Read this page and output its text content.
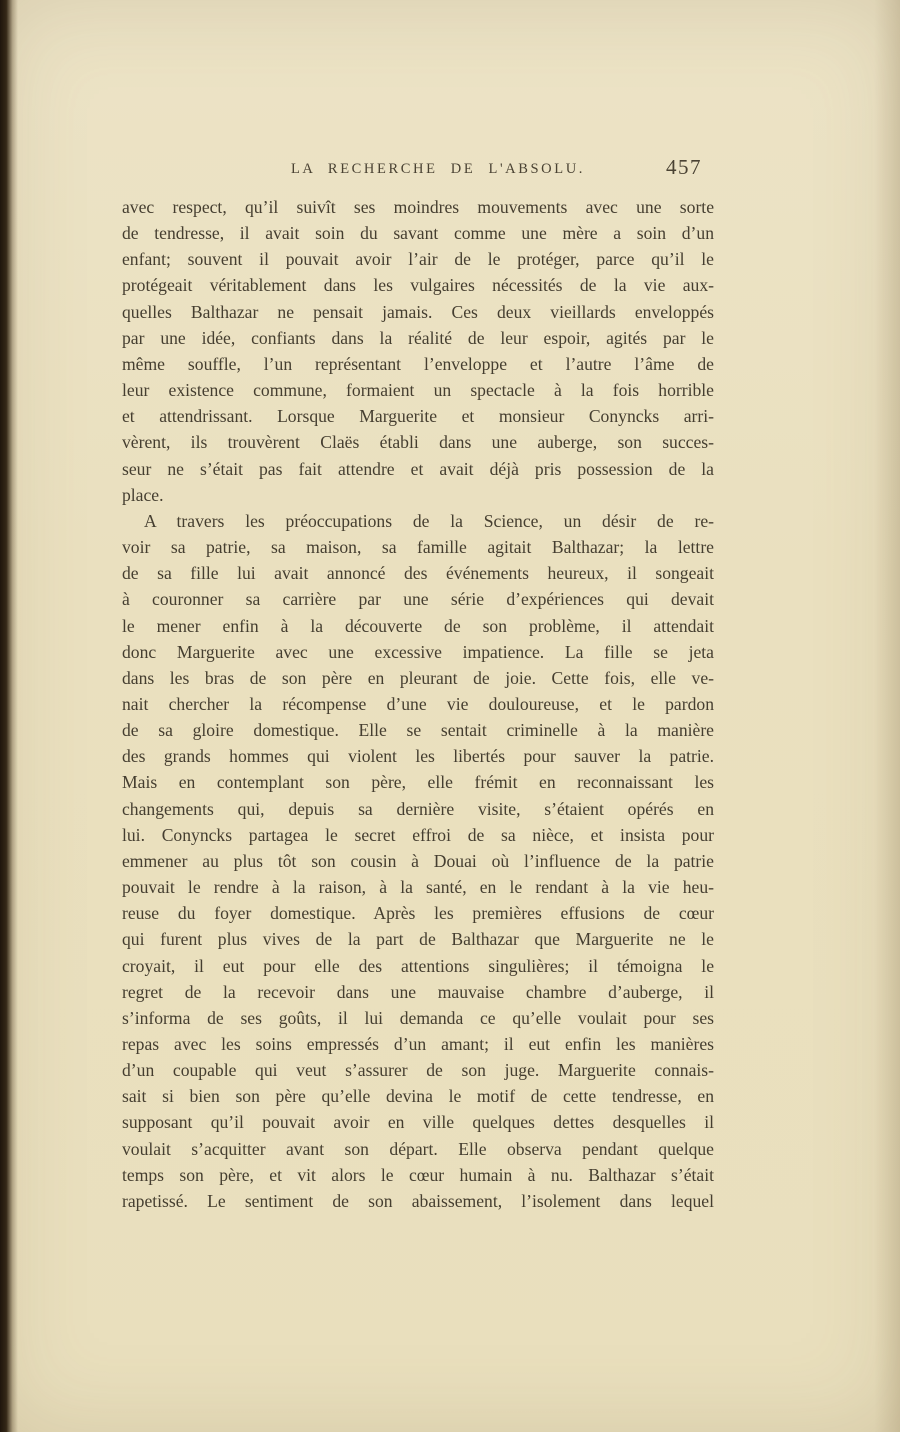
LA RECHERCHE DE L'ABSOLU.	457
avec respect, qu’il suivît ses moindres mouvements avec une sorte
de tendresse, il avait soin du savant comme une mère a soin d’un
enfant; souvent il pouvait avoir l’air de le protéger, parce qu’il le
protégeait véritablement dans les vulgaires nécessités de la vie aux-
quelles Balthazar ne pensait jamais. Ces deux vieillards enveloppés
par une idée, confiants dans la réalité de leur espoir, agités par le
même souffle, l’un représentant l’enveloppe et l’autre l’âme de
leur existence commune, formaient un spectacle à la fois horrible
et attendrissant. Lorsque Marguerite et monsieur Conyncks arri-
vèrent, ils trouvèrent Claës établi dans une auberge, son succes-
seur ne s’était pas fait attendre et avait déjà pris possession de la
place.
A travers les préoccupations de la Science, un désir de re-
voir sa patrie, sa maison, sa famille agitait Balthazar; la lettre
de sa fille lui avait annoncé des événements heureux, il songeait
à couronner sa carrière par une série d’expériences qui devait
le mener enfin à la découverte de son problème, il attendait
donc Marguerite avec une excessive impatience. La fille se jeta
dans les bras de son père en pleurant de joie. Cette fois, elle ve-
nait chercher la récompense d’une vie douloureuse, et le pardon
de sa gloire domestique. Elle se sentait criminelle à la manière
des grands hommes qui violent les libertés pour sauver la patrie.
Mais en contemplant son père, elle frémit en reconnaissant les
changements qui, depuis sa dernière visite, s’étaient opérés en
lui. Conyncks partagea le secret effroi de sa nièce, et insista pour
emmener au plus tôt son cousin à Douai où l’influence de la patrie
pouvait le rendre à la raison, à la santé, en le rendant à la vie heu-
reuse du foyer domestique. Après les premières effusions de cœur
qui furent plus vives de la part de Balthazar que Marguerite ne le
croyait, il eut pour elle des attentions singulières; il témoigna le
regret de la recevoir dans une mauvaise chambre d’auberge, il
s’informa de ses goûts, il lui demanda ce qu’elle voulait pour ses
repas avec les soins empressés d’un amant; il eut enfin les manières
d’un coupable qui veut s’assurer de son juge. Marguerite connais-
sait si bien son père qu’elle devina le motif de cette tendresse, en
supposant qu’il pouvait avoir en ville quelques dettes desquelles il
voulait s’acquitter avant son départ. Elle observa pendant quelque
temps son père, et vit alors le cœur humain à nu. Balthazar s’était
rapetissé. Le sentiment de son abaissement, l’isolement dans lequel
